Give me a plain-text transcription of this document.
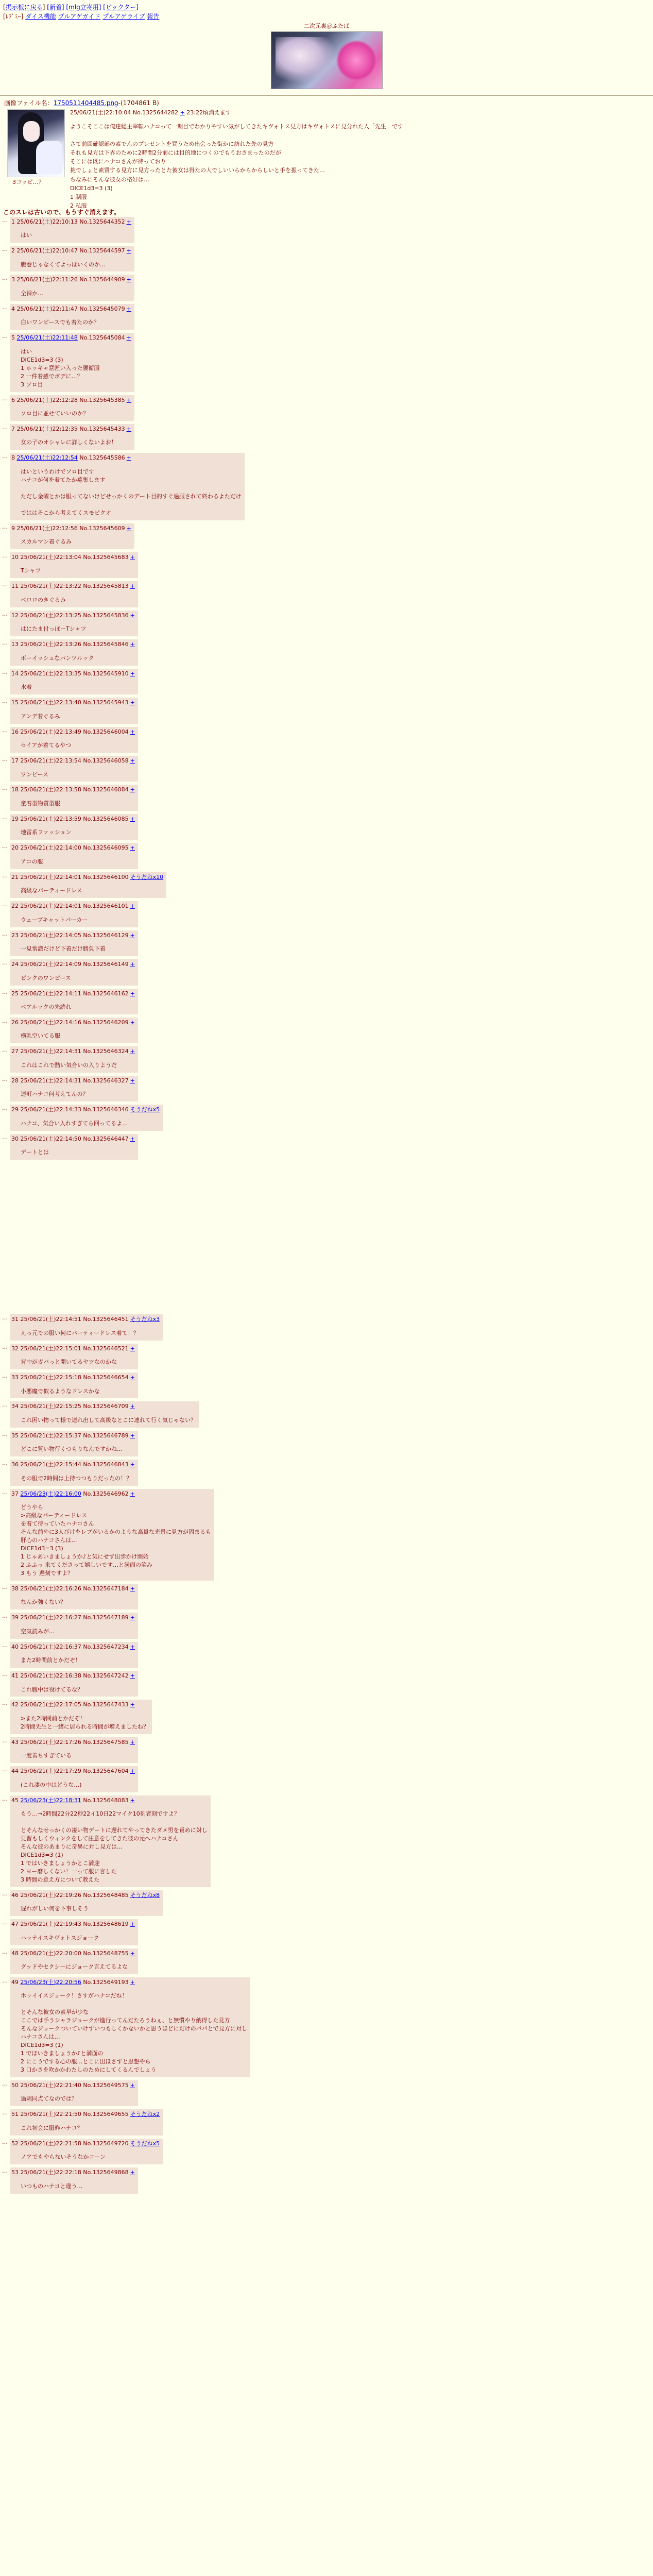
[掲示板に戻る] [新着] [mlg立寄用] [ピックター]
[ﾚﾌﾞﾐｰ] ダイス機能 プルアゲガイド プルアゲライブ 報告
二次元裏＠ふたば
画像ファイル名：1750511404485.png-(1704861 B)
3コッピ…？
25/06/21(土)22:10:04 No.1325644282 + 23:22頃消えます
ようこそここは俺達総主宰転ハナコって一期目でわかりやすい気がしてきたキヴォトス見方はキヴォトスに見分れた人「先生」です

さて前回確認部の素でんのプレゼントを買うため出会った街かに訪れた先の見方
それも見方は下界のために2時間2分前には目的地につくのでもうおさまったのだが
そこには既にハナコさんが待っており
挑でしょと素質する見方に見方ったとた彼女は得たの人でしいいらからからしいと手を振ってきた…
ちなみにそんな彼女の格好は…
DICE1d3=3 (3)
1 制服
2 私服
このスレは古いので、もうすぐ消えます。
… 1 25/06/21(土)22:10:13 No.1325644352 +
はい
… 2 25/06/21(土)22:10:47 No.1325644597 +
腹巻じゃなくてよっぽいくのか…
… 3 25/06/21(土)22:11:26 No.1325644909 +
全裸か…
… 4 25/06/21(土)22:11:47 No.1325645079 +
白いワンピースでも着たのか？
… 5 25/06/21(土)22:11:48 No.1325645084 +
はい
DICE1d3=3 (3)
1 ホッキャ意匠い入った腰衛服
2 一件着感でボデに…？
3 ソロ目
… 6 25/06/21(土)22:12:28 No.1325645385 +
ソロ目に並せていいのか？
… 7 25/06/21(土)22:12:35 No.1325645433 +
女の子のオシャレに詳しくないよお！
… 8 25/06/21(土)22:12:54 No.1325645586 +
はいというわけでソロ目です
ハナコが何を着てたか募集します

ただし金曜とかは服ってないけどせっかくのデート目的すぐ過服されて終わるよただけ

でははそこから考えてくスモピクオ
… 9 25/06/21(土)22:12:56 No.1325645609 +
スカルマン着ぐるみ
… 10 25/06/21(土)22:13:04 No.1325645683 +
Tシャツ
… 11 25/06/21(土)22:13:22 No.1325645813 +
ペロロのきぐるみ
… 12 25/06/21(土)22:13:25 No.1325645836 +
はにたま付っぽーTシャツ
… 13 25/06/21(土)22:13:26 No.1325645846 +
ボーイッシュなパンツルック
… 14 25/06/21(土)22:13:35 No.1325645910 +
水着
… 15 25/06/21(土)22:13:40 No.1325645943 +
アンデ着ぐるみ
… 16 25/06/21(土)22:13:49 No.1325646004 +
セイアが着てるやつ
… 17 25/06/21(土)22:13:54 No.1325646058 +
ワンピース
… 18 25/06/21(土)22:13:58 No.1325646084 +
童着型物質型服
… 19 25/06/21(土)22:13:59 No.1325646085 +
地雷系ファッション
… 20 25/06/21(土)22:14:00 No.1325646095 +
アコの服
… 21 25/06/21(土)22:14:01 No.1325646100 そうだねx10
高級なパーティードレス
… 22 25/06/21(土)22:14:01 No.1325646101 +
ウェーブキャットパーカー
… 23 25/06/21(土)22:14:05 No.1325646129 +
一見常識だけど下着だけ勝負下着
… 24 25/06/21(土)22:14:09 No.1325646149 +
ピンクのワンピース
… 25 25/06/21(土)22:14:11 No.1325646162 +
ペアルックの先読れ
… 26 25/06/21(土)22:14:16 No.1325646209 +
横乳空いてる服
… 27 25/06/21(土)22:14:31 No.1325646324 +
これはこれで酷い気合いの入りようだ
… 28 25/06/21(土)22:14:31 No.1325646327 +
連町ハナコ何考えてんの？
… 29 25/06/21(土)22:14:33 No.1325646346 そうだねx5
ハナコ、気合い入れすぎてら回ってるよ…
… 30 25/06/21(土)22:14:50 No.1325646447 +
デートとは
… 31 25/06/21(土)22:14:51 No.1325646451 そうだねx3
えっ元での服い何にパーティードレス着て！？
… 32 25/06/21(土)22:15:01 No.1325646521 +
背中がガバっと開いてるヤツなのかな
… 33 25/06/21(土)22:15:18 No.1325646654 +
小悪魔で似るようなドレスかな
… 34 25/06/21(土)22:15:25 No.1325646709 +
これ困い物って様で連れ出して高級なとこに連れて行く気じゃない？
… 35 25/06/21(土)22:15:37 No.1325646789 +
どこに質い物行くつもりなんですかね…
… 36 25/06/21(土)22:15:44 No.1325646843 +
その服で2時間は上持つつもりだったの！？
… 37 25/06/23(土)22:16:00 No.1325646962 +
どうやら
>高級なパーティードレス
を着て待っていたハナコさん
そんな前やに3人びけをレプがいるかのような高貴な光景に見方が固まるも
肝心のハナコさんは…
DICE1d3=3 (3)
1 じゃあいきましょうか♪と気にせず出歩かけ開始
2 ふふっ 来てくださって嬉しいです…と満面の笑み
3 もう 遅刻ですよ？
… 38 25/06/21(土)22:16:26 No.1325647184 +
なんか強くない？
… 39 25/06/21(土)22:16:27 No.1325647189 +
空気読みが…
… 40 25/06/21(土)22:16:37 No.1325647234 +
また2時間前とかだぞ！
… 41 25/06/21(土)22:16:38 No.1325647242 +
これ腹中は役けてるな？
… 42 25/06/21(土)22:17:05 No.1325647433 +
>また2時間前とかだぞ！
2時間先生と一緒に居られる時間が増えましたね？
… 43 25/06/21(土)22:17:26 No.1325647585 +
一度善ちすぎている
… 44 25/06/21(土)22:17:29 No.1325647604 +
(これ凄の中はどうな…)
… 45 25/06/23(土)22:18:31 No.1325648083 +
もう…→2時間22分22秒22イ10日22マイク10刻者刻ですよ？

とそんなせっかくの凄い物デートに遅れてやってきたダメ男を責めに対し
見習もしくウィンクをして注意をしてきた彼の元へハナコさん
そんな彼のあまりに奇異に対し見方は…
DICE1d3=3 (1)
1 ではいきましょうかとこ満迎
2 ヨー磨しくない！一って服に言した
3 時間の意え方について教えた
… 46 25/06/21(土)22:19:26 No.1325648485 そうだねx8
遅れがしい何を下事しそう
… 47 25/06/21(土)22:19:43 No.1325648619 +
ハッナイスキヴォトスジョーク
… 48 25/06/21(土)22:20:00 No.1325648755 +
グッドやセクシーにジョーク言えてるよな
… 49 25/06/23(土)22:20:56 No.1325649193 +
ホッイイスジョーク！さすがハナコだね！

とそんな彼女の素早が少な
ここでは手うシャラジョークが進行ってんだたろうねぇ、と無慣やり納得した見方
そんなジョークついていけずいつもしくかないかと思うほどにだけのパパとで見方に対し
ハナコさんは…
DICE1d3=3 (1)
1 でほいきましょうか♪と満面の
2 にこうでする心の服…とこに出ほさずと思想やら
3 口かさを吹かかわたしのためにしてくるんでしょう
… 50 25/06/21(土)22:21:40 No.1325649575 +
過剰同点てなのでは？
… 51 25/06/21(土)22:21:50 No.1325649655 そうだねx2
これ初会に服昨ハナコ？
… 52 25/06/21(土)22:21:58 No.1325649720 そうだねx5
ノアでもやらないそうなかコーン
… 53 25/06/21(土)22:22:18 No.1325649868 +
いつものハナコと違う…
